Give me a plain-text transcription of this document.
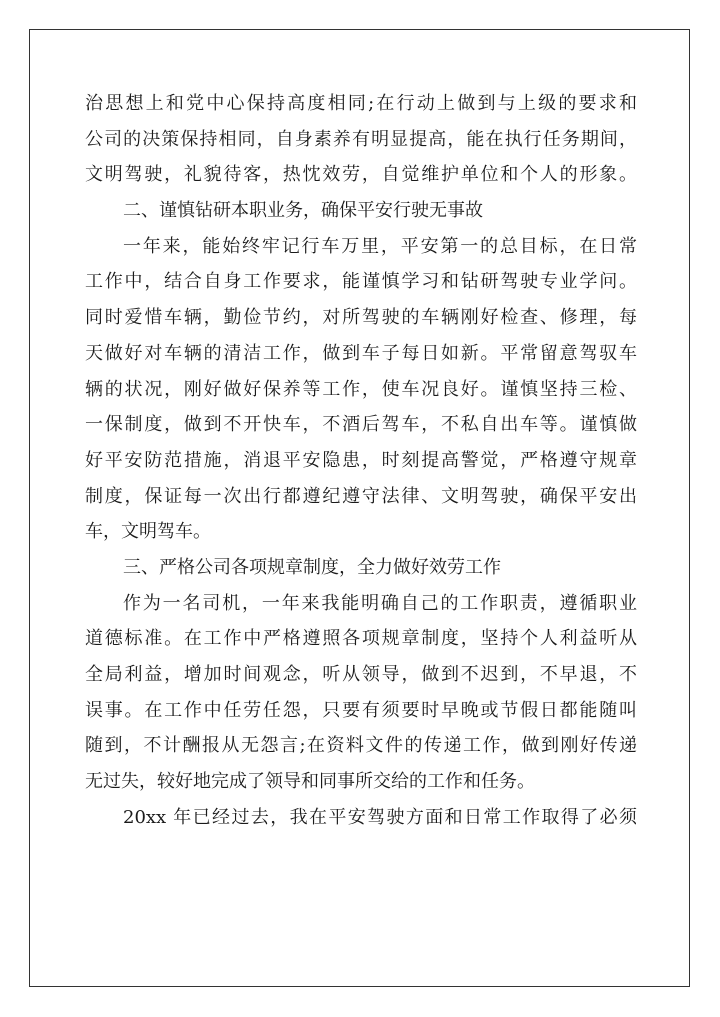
治思想上和党中心保持高度相同;在行动上做到与上级的要求和
公司的决策保持相同，自身素养有明显提高，能在执行任务期间，
文明驾驶，礼貌待客，热忱效劳，自觉维护单位和个人的形象。
二、谨慎钻研本职业务，确保平安行驶无事故
一年来，能始终牢记行车万里，平安第一的总目标，在日常
工作中，结合自身工作要求，能谨慎学习和钻研驾驶专业学问。
同时爱惜车辆，勤俭节约，对所驾驶的车辆刚好检查、修理，每
天做好对车辆的清洁工作，做到车子每日如新。平常留意驾驭车
辆的状况，刚好做好保养等工作，使车况良好。谨慎坚持三检、
一保制度，做到不开快车，不酒后驾车，不私自出车等。谨慎做
好平安防范措施，消退平安隐患，时刻提高警觉，严格遵守规章
制度，保证每一次出行都遵纪遵守法律、文明驾驶，确保平安出
车，文明驾车。
三、严格公司各项规章制度，全力做好效劳工作
作为一名司机，一年来我能明确自己的工作职责，遵循职业
道德标准。在工作中严格遵照各项规章制度，坚持个人利益听从
全局利益，增加时间观念，听从领导，做到不迟到，不早退，不
误事。在工作中任劳任怨，只要有须要时早晚或节假日都能随叫
随到，不计酬报从无怨言;在资料文件的传递工作，做到刚好传递
无过失，较好地完成了领导和同事所交给的工作和任务。
20xx 年已经过去，我在平安驾驶方面和日常工作取得了必须
